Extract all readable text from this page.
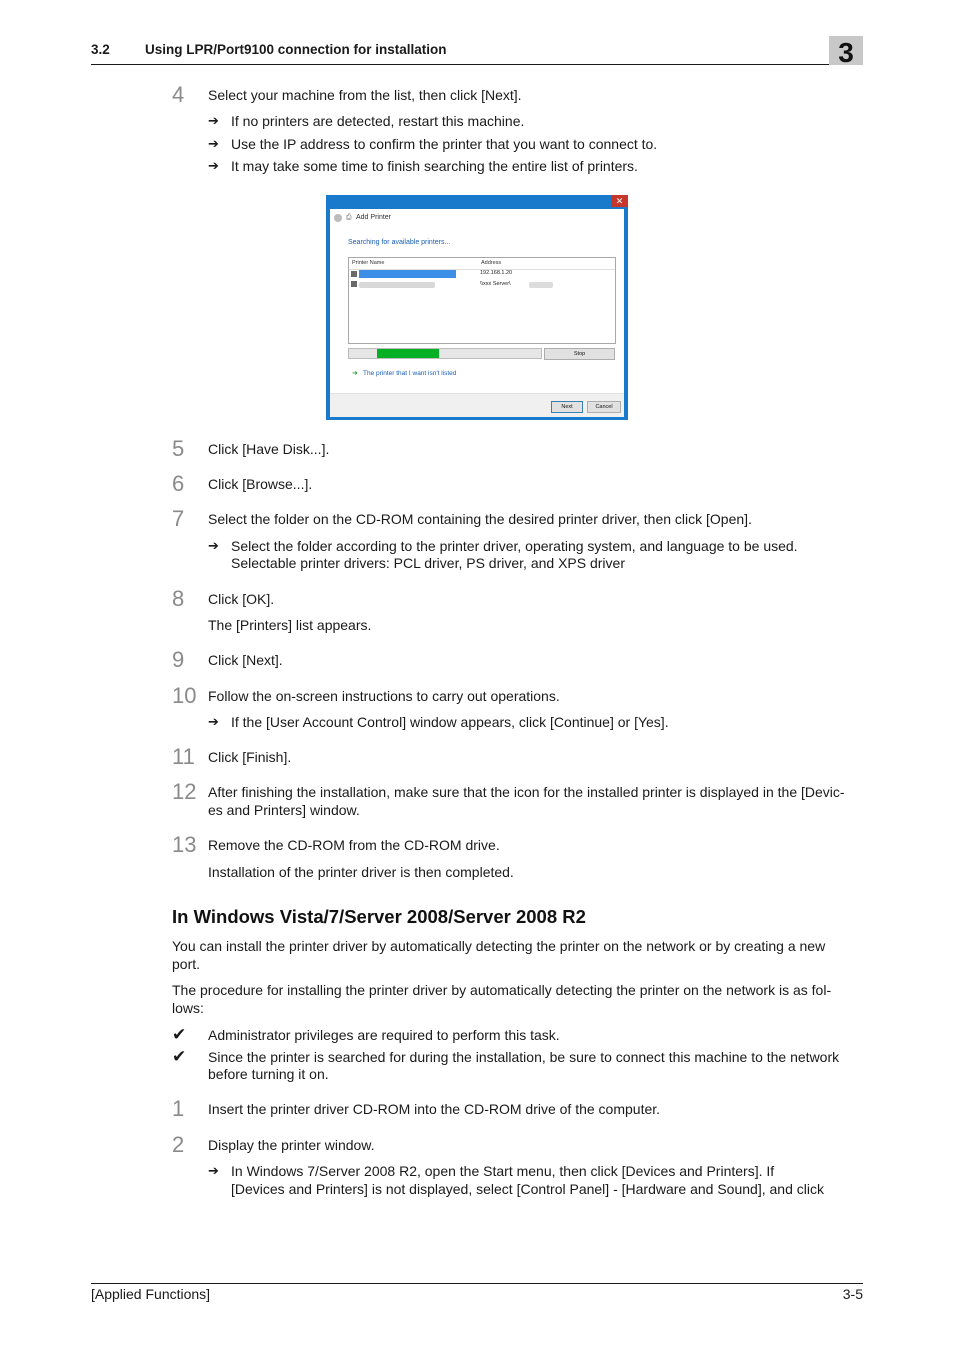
3.2	Using LPR/Port9100 connection for installation	3
4	Select your machine from the list, then click [Next].
➔ If no printers are detected, restart this machine.
➔ Use the IP address to confirm the printer that you want to connect to.
➔ It may take some time to finish searching the entire list of printers.
✕
⎙ Add Printer
Searching for available printers...
Printer Name	Address
192.168.1.20
\\xxx Server\
Stop
➜ The printer that I want isn't listed
Next	Cancel
5	Click [Have Disk...].
6	Click [Browse...].
7	Select the folder on the CD-ROM containing the desired printer driver, then click [Open].
➔ Select the folder according to the printer driver, operating system, and language to be used.
Selectable printer drivers: PCL driver, PS driver, and XPS driver
8	Click [OK].
The [Printers] list appears.
9	Click [Next].
10 Follow the on-screen instructions to carry out operations.
➔ If the [User Account Control] window appears, click [Continue] or [Yes].
11 Click [Finish].
12 After finishing the installation, make sure that the icon for the installed printer is displayed in the [Devic-
es and Printers] window.
13 Remove the CD-ROM from the CD-ROM drive.
Installation of the printer driver is then completed.
In Windows Vista/7/Server 2008/Server 2008 R2
You can install the printer driver by automatically detecting the printer on the network or by creating a new
port.
The procedure for installing the printer driver by automatically detecting the printer on the network is as fol-
lows:
✔ Administrator privileges are required to perform this task.
✔ Since the printer is searched for during the installation, be sure to connect this machine to the network
before turning it on.
1	Insert the printer driver CD-ROM into the CD-ROM drive of the computer.
2	Display the printer window.
➔ In Windows 7/Server 2008 R2, open the Start menu, then click [Devices and Printers]. If
[Devices and Printers] is not displayed, select [Control Panel] - [Hardware and Sound], and click
[Applied Functions]	3-5
